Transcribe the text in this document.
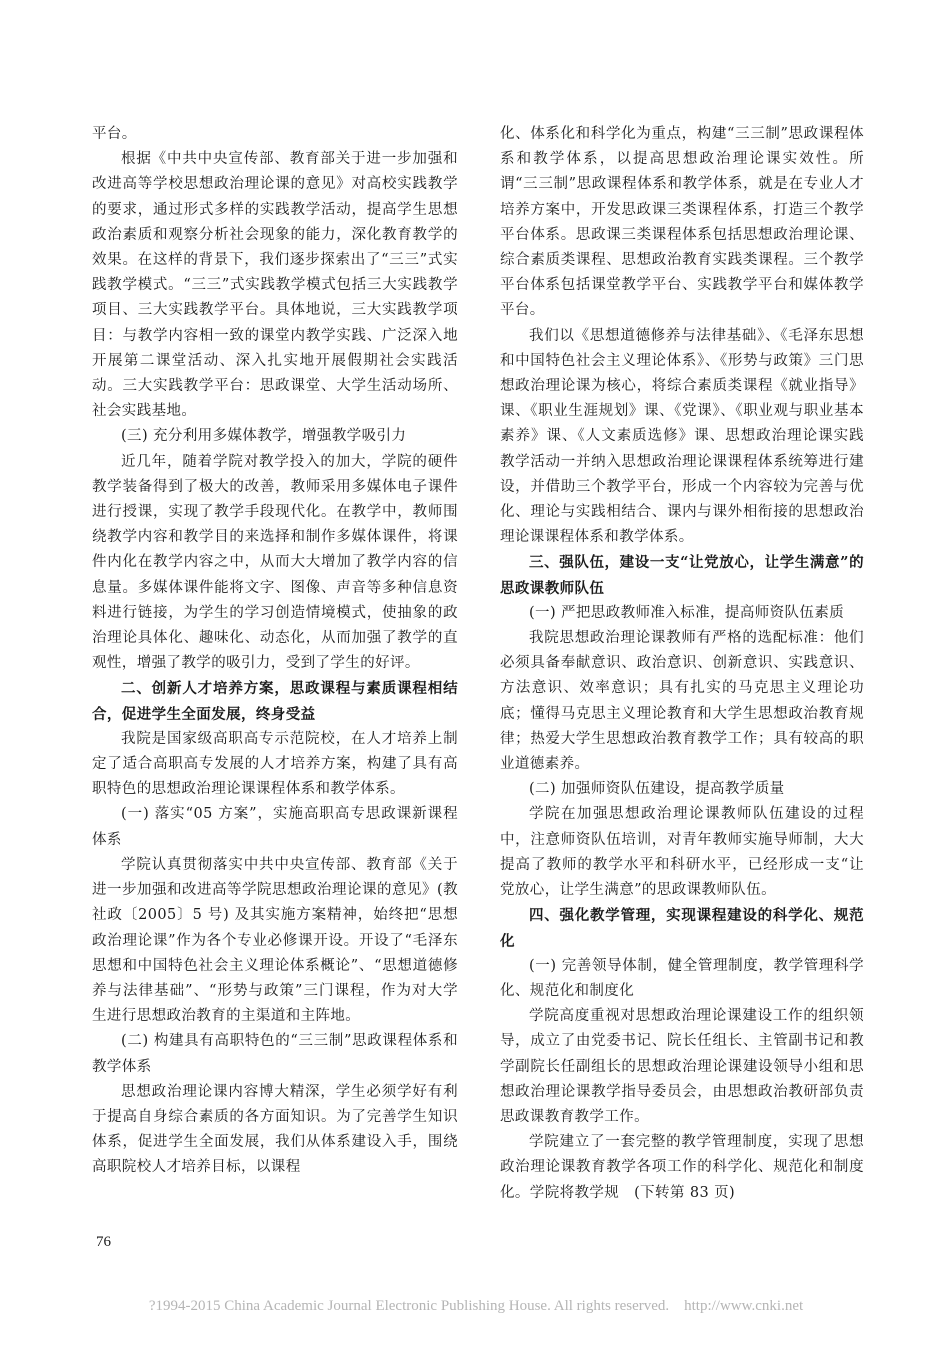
平台。

根据《中共中央宣传部、教育部关于进一步加强和改进高等学校思想政治理论课的意见》对高校实践教学的要求，通过形式多样的实践教学活动，提高学生思想政治素质和观察分析社会现象的能力，深化教育教学的效果。在这样的背景下，我们逐步探索出了“三三”式实践教学模式。“三三”式实践教学模式包括三大实践教学项目、三大实践教学平台。具体地说，三大实践教学项目：与教学内容相一致的课堂内教学实践、广泛深入地开展第二课堂活动、深入扎实地开展假期社会实践活动。三大实践教学平台：思政课堂、大学生活动场所、社会实践基地。

(三) 充分利用多媒体教学，增强教学吸引力

近几年，随着学院对教学投入的加大，学院的硬件教学装备得到了极大的改善，教师采用多媒体电子课件进行授课，实现了教学手段现代化。在教学中，教师围绕教学内容和教学目的来选择和制作多媒体课件，将课件内化在教学内容之中，从而大大增加了教学内容的信息量。多媒体课件能将文字、图像、声音等多种信息资料进行链接，为学生的学习创造情境模式，使抽象的政治理论具体化、趣味化、动态化，从而加强了教学的直观性，增强了教学的吸引力，受到了学生的好评。

二、创新人才培养方案，思政课程与素质课程相结合，促进学生全面发展，终身受益

我院是国家级高职高专示范院校，在人才培养上制定了适合高职高专发展的人才培养方案，构建了具有高职特色的思想政治理论课课程体系和教学体系。

(一) 落实“05 方案”，实施高职高专思政课新课程体系

学院认真贯彻落实中共中央宣传部、教育部《关于进一步加强和改进高等学院思想政治理论课的意见》(教社政〔2005〕5 号) 及其实施方案精神，始终把“思想政治理论课”作为各个专业必修课开设。开设了“毛泽东思想和中国特色社会主义理论体系概论”、“思想道德修养与法律基础”、“形势与政策”三门课程，作为对大学生进行思想政治教育的主渠道和主阵地。

(二) 构建具有高职特色的“三三制”思政课程体系和教学体系

思想政治理论课内容博大精深，学生必须学好有利于提高自身综合素质的各方面知识。为了完善学生知识体系，促进学生全面发展，我们从体系建设入手，围绕高职院校人才培养目标，以课程

化、体系化和科学化为重点，构建“三三制”思政课程体系和教学体系，以提高思想政治理论课实效性。所谓“三三制”思政课程体系和教学体系，就是在专业人才培养方案中，开发思政课三类课程体系，打造三个教学平台体系。思政课三类课程体系包括思想政治理论课、综合素质类课程、思想政治教育实践类课程。三个教学平台体系包括课堂教学平台、实践教学平台和媒体教学平台。

我们以《思想道德修养与法律基础》、《毛泽东思想和中国特色社会主义理论体系》、《形势与政策》三门思想政治理论课为核心，将综合素质类课程《就业指导》课、《职业生涯规划》课、《党课》、《职业观与职业基本素养》课、《人文素质选修》课、思想政治理论课实践教学活动一并纳入思想政治理论课课程体系统筹进行建设，并借助三个教学平台，形成一个内容较为完善与优化、理论与实践相结合、课内与课外相衔接的思想政治理论课课程体系和教学体系。

三、强队伍，建设一支“让党放心，让学生满意”的思政课教师队伍

(一) 严把思政教师准入标准，提高师资队伍素质

我院思想政治理论课教师有严格的选配标准：他们必须具备奉献意识、政治意识、创新意识、实践意识、方法意识、效率意识；具有扎实的马克思主义理论功底；懂得马克思主义理论教育和大学生思想政治教育规律；热爱大学生思想政治教育教学工作；具有较高的职业道德素养。

(二) 加强师资队伍建设，提高教学质量

学院在加强思想政治理论课教师队伍建设的过程中，注意师资队伍培训，对青年教师实施导师制，大大提高了教师的教学水平和科研水平，已经形成一支“让党放心，让学生满意”的思政课教师队伍。

四、强化教学管理，实现课程建设的科学化、规范化

(一) 完善领导体制，健全管理制度，教学管理科学化、规范化和制度化

学院高度重视对思想政治理论课建设工作的组织领导，成立了由党委书记、院长任组长、主管副书记和教学副院长任副组长的思想政治理论课建设领导小组和思想政治理论课教学指导委员会，由思想政治教研部负责思政课教育教学工作。

学院建立了一套完整的教学管理制度，实现了思想政治理论课教育教学各项工作的科学化、规范化和制度化。学院将教学规　(下转第 83 页)

76
?1994-2015 China Academic Journal Electronic Publishing House. All rights reserved.    http://www.cnki.net
